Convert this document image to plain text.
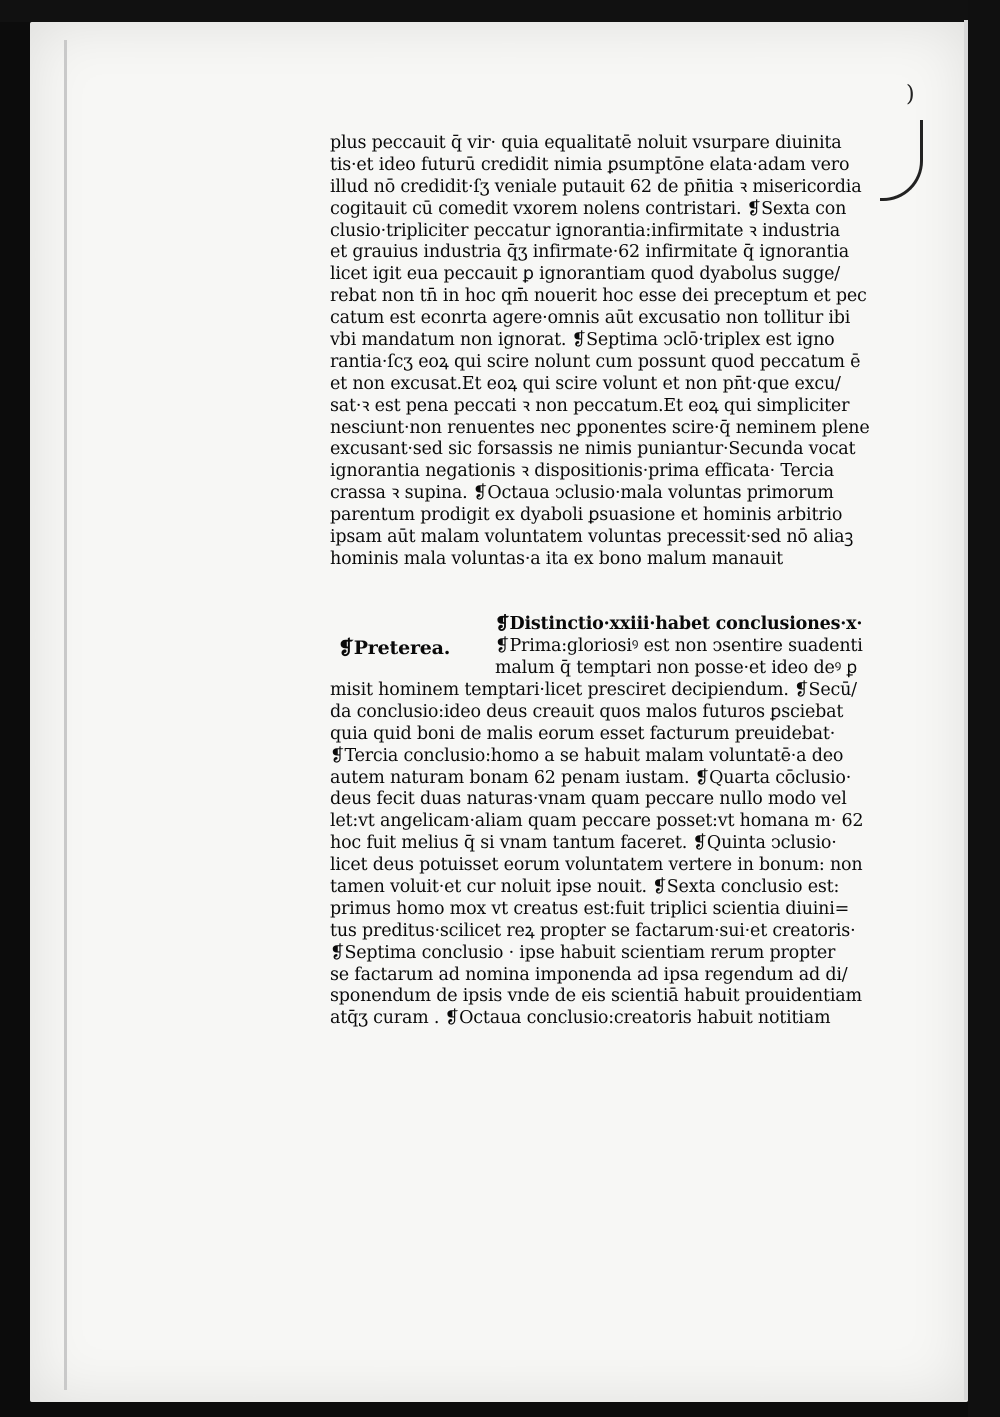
)
plus peccauit q̄ vir· quia equalitatē noluit vsurpare diuinita
tis·et ideo futurū credidit nimia ꝑsumptōne elata·adam vero
illud nō credidit·ſʒ veniale putauit 62 de pn̄itia ꝛ misericordia
cogitauit cū comedit vxorem nolens contristari. ❡Sexta con
clusio·tripliciter peccatur ignorantia:infirmitate ꝛ industria
et grauius industria q̄ʒ infirmate·62 infirmitate q̄ ignorantia
licet igit̄ eua peccauit ꝑ ignorantiam quod dyabolus sugge/
rebat non tn̄ in hoc qm̄ nouerit hoc esse dei preceptum et pec
catum est econrta agere·omnis aūt excusatio non tollitur ibi
vbi mandatum non ignorat. ❡Septima ↄclō·triplex est igno
rantia·ſcʒ eoꝝ qui scire nolunt cum possunt quod peccatum ē
et non excusat.Et eoꝝ qui scire volunt et non pn̄t·que excu/
sat·ꝛ est pena peccati ꝛ non peccatum.Et eoꝝ qui simpliciter
nesciunt·non renuentes nec ꝑponentes scire·q̄ neminem plene
excusant·sed sic forsassis ne nimis puniantur·Secunda vocat̄
ignorantia negationis ꝛ dispositionis·prima efficata· Tercia
crassa ꝛ supina. ❡Octaua ↄclusio·mala voluntas primorum
parentum prodigit ex dyaboli ꝑsuasione et hominis arbitrio
ipsam aūt malam voluntatem voluntas precessit·sed nō aliaꝫ
hominis mala voluntas·a ita ex bono malum manauit
❡Preterea.
❡Distinctio·xxiii·habet conclusiones·x·
❡Prima:gloriosiꝰ est non ↄsentire suadenti
malum q̄ temptari non posse·et ideo deꝰ ꝑ
misit hominem temptari·licet presciret decipiendum. ❡Secū/
da conclusio:ideo deus creauit quos malos futuros ꝑsciebat
quia quid boni de malis eorum esset facturum preuidebat·
❡Tercia conclusio:homo a se habuit malam voluntatē·a deo
autem naturam bonam 62 penam iustam. ❡Quarta cōclusio·
deus fecit duas naturas·vnam quam peccare nullo modo vel
let:vt angelicam·aliam quam peccare posset:vt homana m· 62
hoc fuit melius q̄ si vnam tantum faceret. ❡Quinta ↄclusio·
licet deus potuisset eorum voluntatem vertere in bonum: non
tamen voluit·et cur noluit ipse nouit. ❡Sexta conclusio est:
primus homo mox vt creatus est:fuit triplici scientia diuini=
tus preditus·scilicet reꝝ propter se factarum·sui·et creatoris·
❡Septima conclusio · ipse habuit scientiam rerum propter
se factarum ad nomina imponenda ad ipsa regendum ad di/
sponendum de ipsis vnde de eis scientiā habuit prouidentiam
atq̄ʒ curam . ❡Octaua conclusio:creatoris habuit notitiam
